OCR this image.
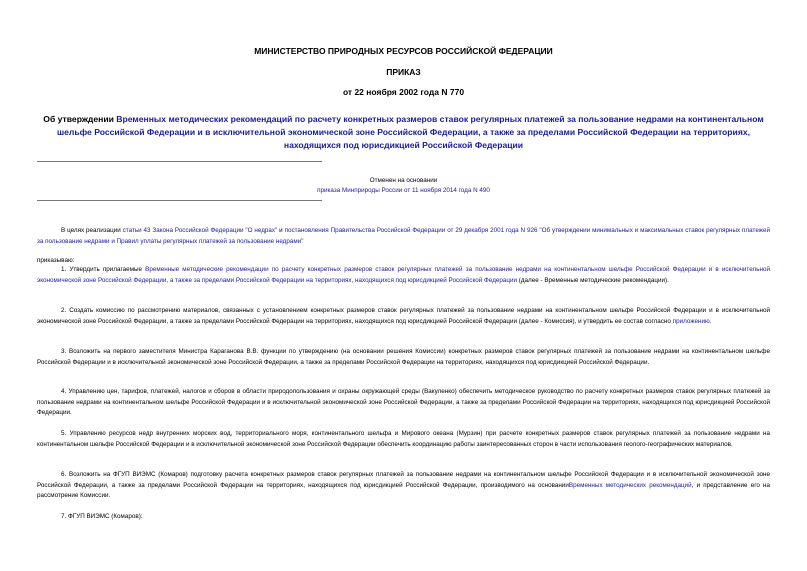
МИНИСТЕРСТВО ПРИРОДНЫХ РЕСУРСОВ РОССИЙСКОЙ ФЕДЕРАЦИИ
ПРИКАЗ
от 22 ноября 2002 года N 770
Об утверждении Временных методических рекомендаций по расчету конкретных размеров ставок регулярных платежей за пользование недрами на континентальном шельфе Российской Федерации и в исключительной экономической зоне Российской Федерации, а также за пределами Российской Федерации на территориях, находящихся под юрисдикцией Российской Федерации
Отменен на основании
приказа Минприроды России от 11 ноября 2014 года N 490
В целях реализации статьи 43 Закона Российской Федерации "О недрах" и постановления Правительства Российской Федерации от 29 декабря 2001 года N 926 "Об утверждении минимальных и максимальных ставок регулярных платежей за пользование недрами и Правил уплаты регулярных платежей за пользование недрами"
приказываю:
1. Утвердить прилагаемые Временные методические рекомендации по расчету конкретных размеров ставок регулярных платежей за пользование недрами на континентальном шельфе Российской Федерации и в исключительной экономической зоне Российской Федерации, а также за пределами Российской Федерации на территориях, находящихся под юрисдикцией Российской Федерации (далее - Временные методические рекомендации).
2. Создать комиссию по рассмотрению материалов, связанных с установлением конкретных размеров ставок регулярных платежей за пользование недрами на континентальном шельфе Российской Федерации и в исключительной экономической зоне Российской Федерации, а также за пределами Российской Федерации на территориях, находящихся под юрисдикцией Российской Федерации (далее - Комиссия), и утвердить ее состав согласно приложению.
3. Возложить на первого заместителя Министра Караганова В.В. функции по утверждению (на основании решения Комиссии) конкретных размеров ставок регулярных платежей за пользование недрами на континентальном шельфе Российской Федерации и в исключительной экономической зоне Российской Федерации, а также за пределами Российской Федерации на территориях, находящихся под юрисдикцией Российской Федерации.
4. Управлению цен, тарифов, платежей, налогов и сборов в области природопользования и охраны окружающей среды (Вакуленко) обеспечить методическое руководство по расчету конкретных размеров ставок регулярных платежей за пользование недрами на континентальном шельфе Российской Федерации и в исключительной экономической зоне Российской Федерации, а также за пределами Российской Федерации на территориях, находящихся под юрисдикцией Российской Федерации.
5. Управлению ресурсов недр внутренних морских вод, территориального моря, континентального шельфа и Мирового океана (Мурзин) при расчете конкретных размеров ставок регулярных платежей за пользование недрами на континентальном шельфе Российской Федерации и в исключительной экономической зоне Российской Федерации обеспечить координацию работы заинтересованных сторон в части использования геолого-географических материалов.
6. Возложить на ФГУП ВИЭМС (Комаров) подготовку расчета конкретных размеров ставок регулярных платежей за пользование недрами на континентальном шельфе Российской Федерации и в исключительной экономической зоне Российской Федерации, а также за пределами Российской Федерации на территориях, находящихся под юрисдикцией Российской Федерации, производимого на основанииВременных методических рекомендаций, и представление его на рассмотрение Комиссии.
7. ФГУП ВИЭМС (Комаров):
